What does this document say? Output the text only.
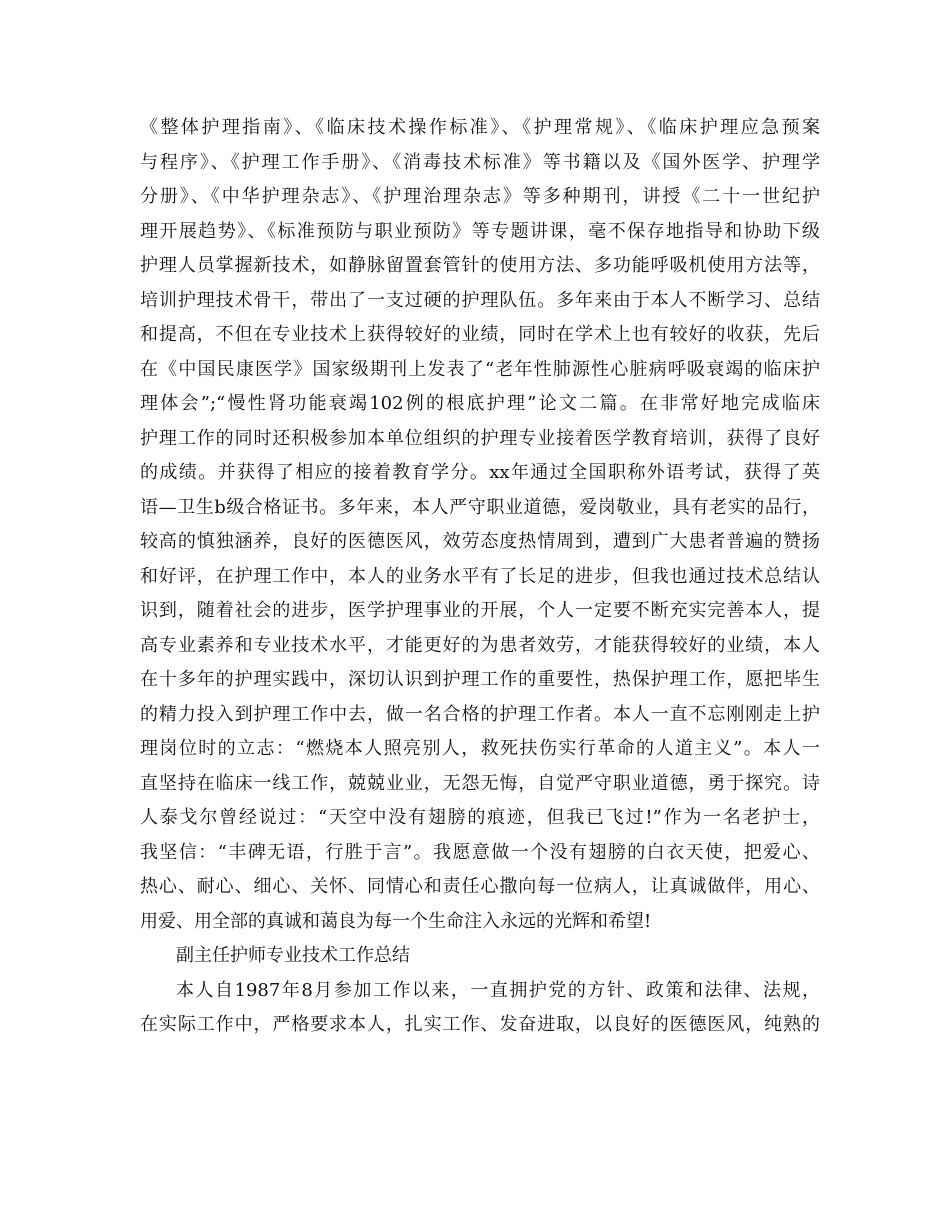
《整体护理指南》、《临床技术操作标准》、《护理常规》、《临床护理应急预案
与程序》、《护理工作手册》、《消毒技术标准》等书籍以及《国外医学、护理学
分册》、《中华护理杂志》、《护理治理杂志》等多种期刊，讲授《二十一世纪护
理开展趋势》、《标准预防与职业预防》等专题讲课，毫不保存地指导和协助下级
护理人员掌握新技术，如静脉留置套管针的使用方法、多功能呼吸机使用方法等，
培训护理技术骨干，带出了一支过硬的护理队伍。多年来由于本人不断学习、总结
和提高，不但在专业技术上获得较好的业绩，同时在学术上也有较好的收获，先后
在《中国民康医学》国家级期刊上发表了“老年性肺源性心脏病呼吸衰竭的临床护
理体会”;“慢性肾功能衰竭102例的根底护理”论文二篇。在非常好地完成临床
护理工作的同时还积极参加本单位组织的护理专业接着医学教育培训，获得了良好
的成绩。并获得了相应的接着教育学分。xx年通过全国职称外语考试，获得了英
语—卫生b级合格证书。多年来，本人严守职业道德，爱岗敬业，具有老实的品行，
较高的慎独涵养，良好的医德医风，效劳态度热情周到，遭到广大患者普遍的赞扬
和好评，在护理工作中，本人的业务水平有了长足的进步，但我也通过技术总结认
识到，随着社会的进步，医学护理事业的开展，个人一定要不断充实完善本人，提
高专业素养和专业技术水平，才能更好的为患者效劳，才能获得较好的业绩，本人
在十多年的护理实践中，深切认识到护理工作的重要性，热保护理工作，愿把毕生
的精力投入到护理工作中去，做一名合格的护理工作者。本人一直不忘刚刚走上护
理岗位时的立志：“燃烧本人照亮别人，救死扶伤实行革命的人道主义”。本人一
直坚持在临床一线工作，兢兢业业，无怨无悔，自觉严守职业道德，勇于探究。诗
人泰戈尔曾经说过：“天空中没有翅膀的痕迹，但我已飞过!”作为一名老护士，
我坚信：“丰碑无语，行胜于言”。我愿意做一个没有翅膀的白衣天使，把爱心、
热心、耐心、细心、关怀、同情心和责任心撒向每一位病人，让真诚做伴，用心、
用爱、用全部的真诚和蔼良为每一个生命注入永远的光辉和希望!
副主任护师专业技术工作总结
本人自1987年8月参加工作以来，一直拥护党的方针、政策和法律、法规，
在实际工作中，严格要求本人，扎实工作、发奋进取，以良好的医德医风，纯熟的
